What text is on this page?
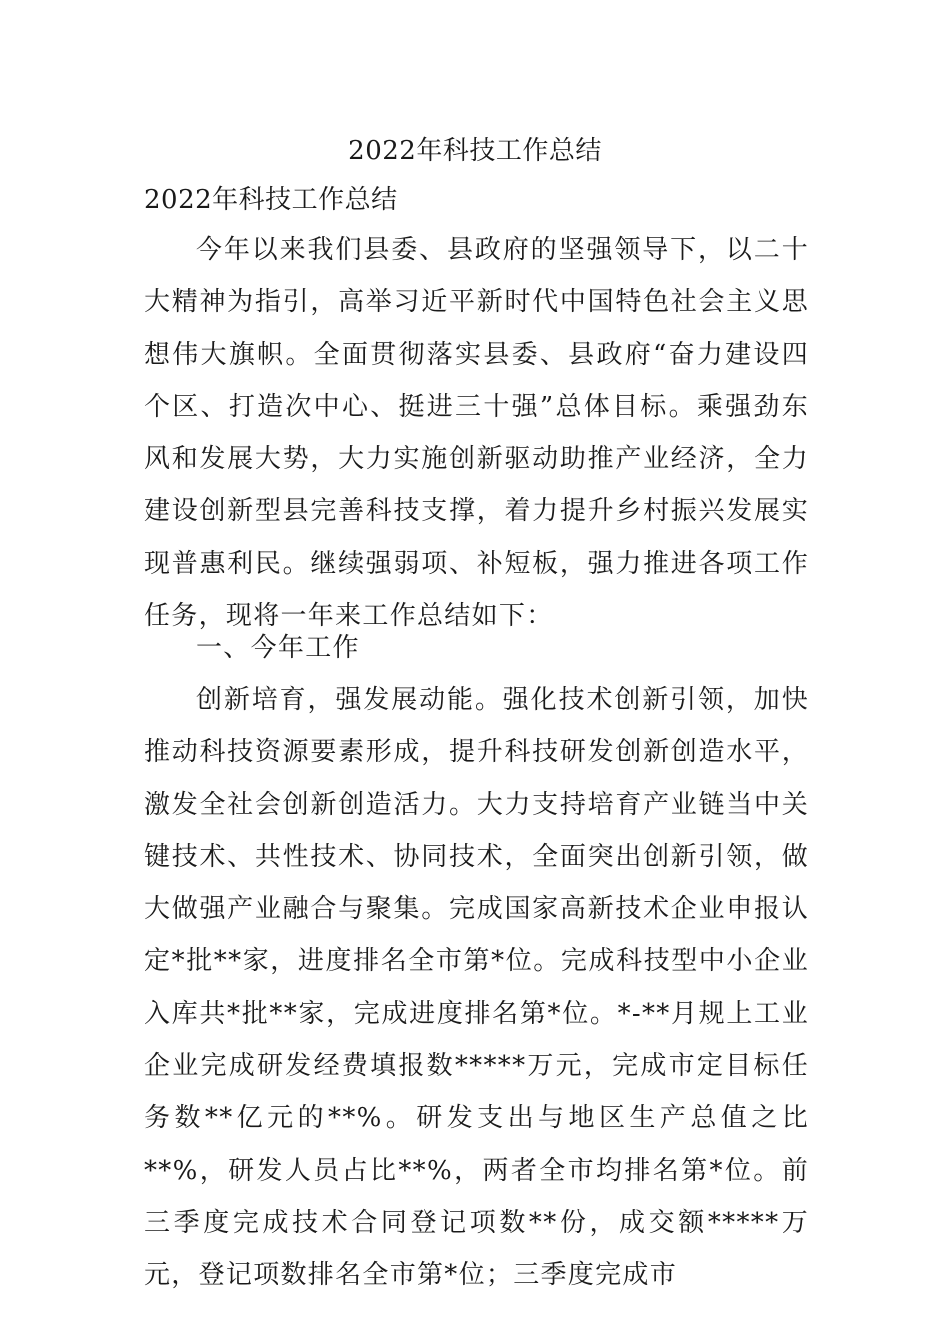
2022年科技工作总结

2022年科技工作总结

今年以来我们县委、县政府的坚强领导下，以二十大精神为指引，高举习近平新时代中国特色社会主义思想伟大旗帜。全面贯彻落实县委、县政府“奋力建设四个区、打造次中心、挺进三十强”总体目标。乘强劲东风和发展大势，大力实施创新驱动助推产业经济，全力建设创新型县完善科技支撑，着力提升乡村振兴发展实现普惠利民。继续强弱项、补短板，强力推进各项工作任务，现将一年来工作总结如下：

一、今年工作

创新培育，强发展动能。强化技术创新引领，加快推动科技资源要素形成，提升科技研发创新创造水平，激发全社会创新创造活力。大力支持培育产业链当中关键技术、共性技术、协同技术，全面突出创新引领，做大做强产业融合与聚集。完成国家高新技术企业申报认定*批**家，进度排名全市第*位。完成科技型中小企业入库共*批**家，完成进度排名第*位。*-**月规上工业企业完成研发经费填报数*****万元，完成市定目标任务数**亿元的**%。研发支出与地区生产总值之比**%，研发人员占比**%，两者全市均排名第*位。前三季度完成技术合同登记项数**份，成交额*****万元，登记项数排名全市第*位；三季度完成市
